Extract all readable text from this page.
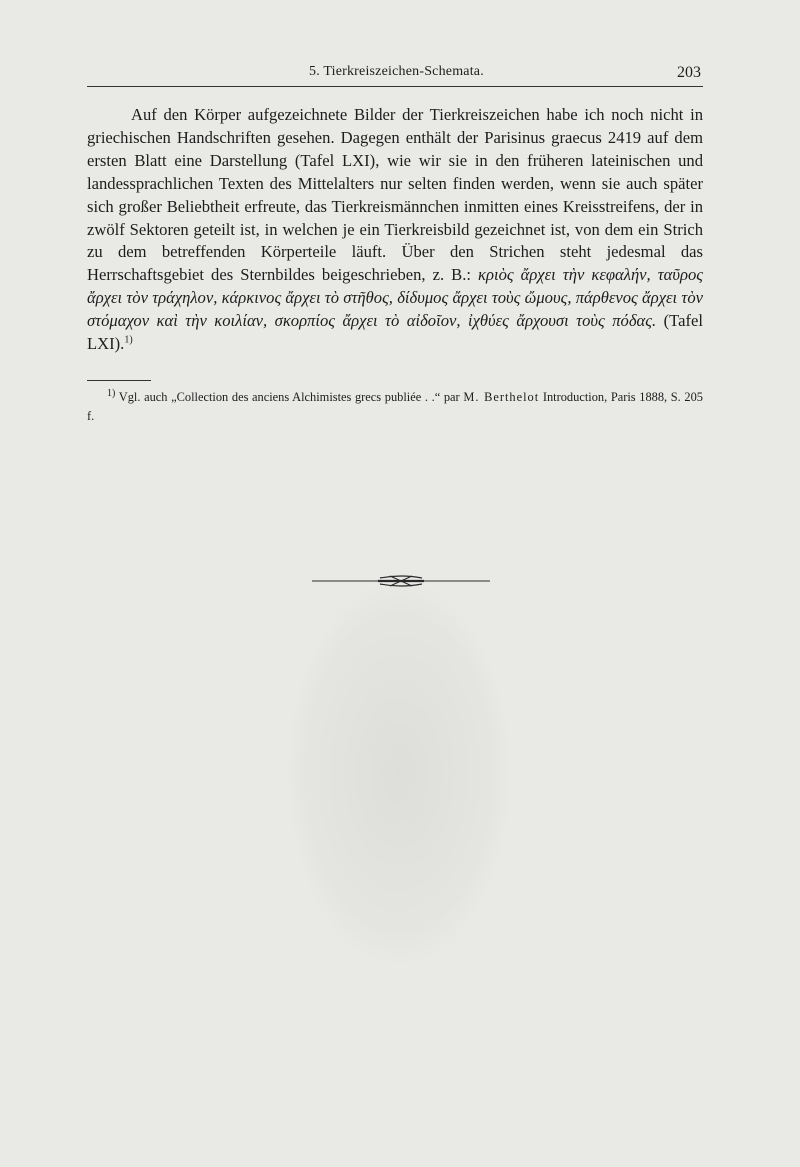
5. Tierkreiszeichen-Schemata.	203

Auf den Körper aufgezeichnete Bilder der Tierkreiszeichen habe ich noch nicht in griechischen Handschriften gesehen. Dagegen enthält der Parisinus graecus 2419 auf dem ersten Blatt eine Darstellung (Tafel LXI), wie wir sie in den früheren lateinischen und landessprachlichen Texten des Mittelalters nur selten finden werden, wenn sie auch später sich großer Beliebtheit erfreute, das Tierkreismännchen inmitten eines Kreisstreifens, der in zwölf Sektoren geteilt ist, in welchen je ein Tierkreisbild gezeichnet ist, von dem ein Strich zu dem betreffenden Körperteile läuft. Über den Strichen steht jedesmal das Herrschaftsgebiet des Sternbildes beigeschrieben, z. B.: κριὸς ἄρχει τὴν κεφαλήν, ταῦρος ἄρχει τὸν τράχηλον, κάρκινος ἄρχει τὸ στῆθος, δίδυμος ἄρχει τοὺς ὤμους, πάρθενος ἄρχει τὸν στόμαχον καὶ τὴν κοιλίαν, σκορπίος ἄρχει τὸ αἰδοῖον, ἰχθύες ἄρχουσι τοὺς πόδας. (Tafel LXI).$^{1)}$

$^{1)}$ Vgl. auch „Collection des anciens Alchimistes grecs publiée . .“ par M. Berthelot Introduction, Paris 1888, S. 205 f.
